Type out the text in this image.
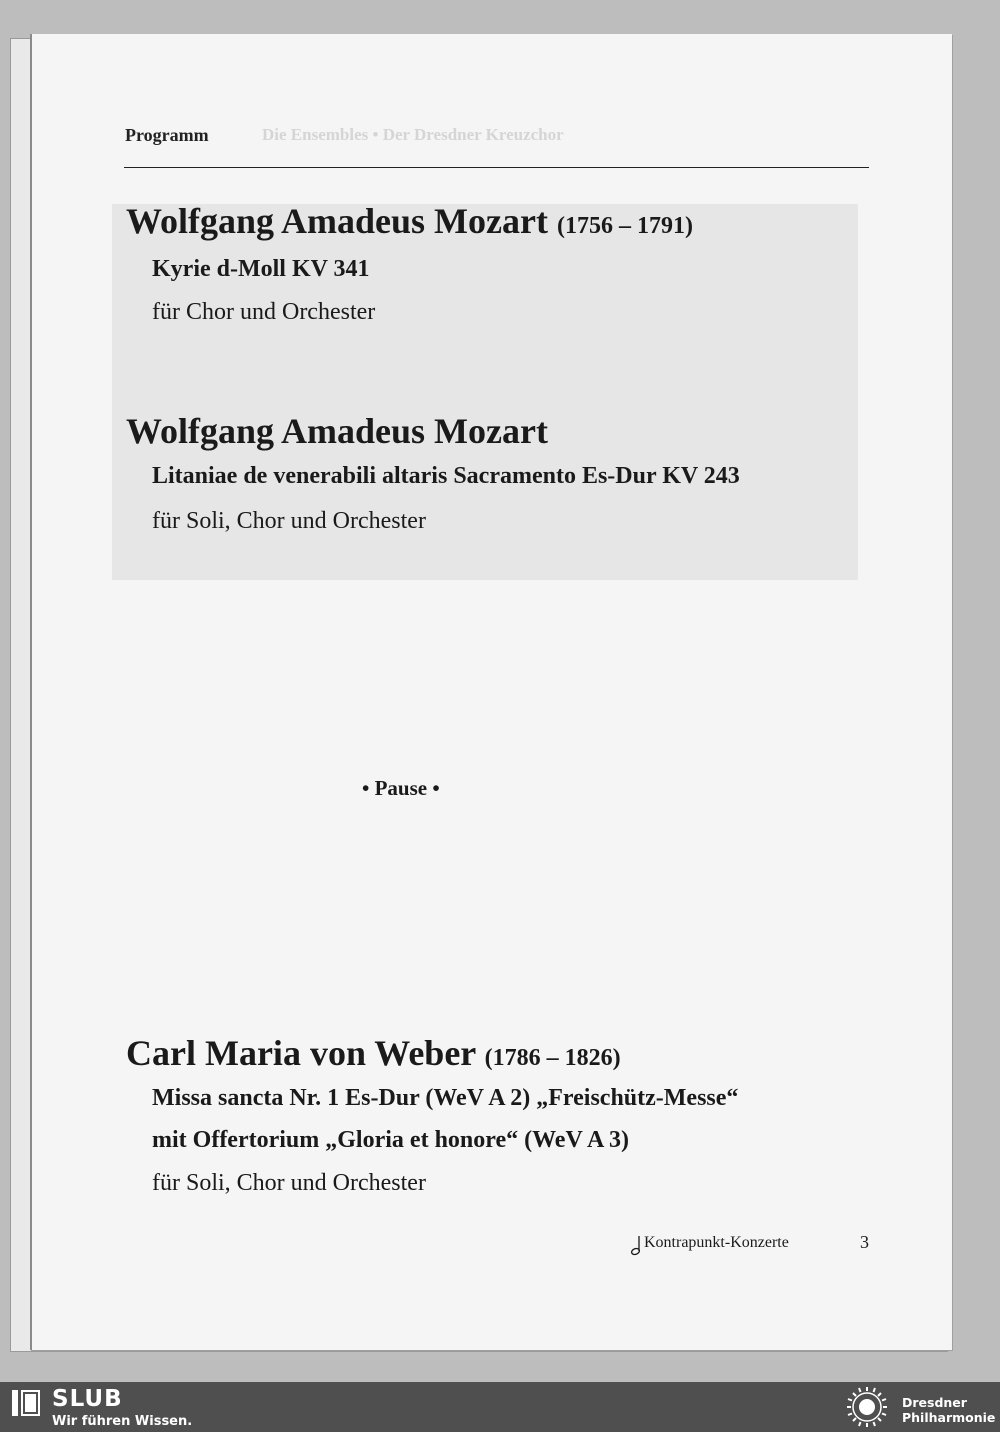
Die Ensembles • Der Dresdner Kreuzchor
Programm
Wolfgang Amadeus Mozart (1756 – 1791)
Kyrie d-Moll KV 341
für Chor und Orchester
Wolfgang Amadeus Mozart
Litaniae de venerabili altaris Sacramento Es-Dur KV 243
für Soli, Chor und Orchester
• Pause •
Carl Maria von Weber (1786 – 1826)
Missa sancta Nr. 1 Es-Dur (WeV A 2) „Freischütz-Messe“
mit Offertorium „Gloria et honore“ (WeV A 3)
für Soli, Chor und Orchester
Kontrapunkt-Konzerte	3
SLUB
Wir führen Wissen.
Dresdner
Philharmonie
